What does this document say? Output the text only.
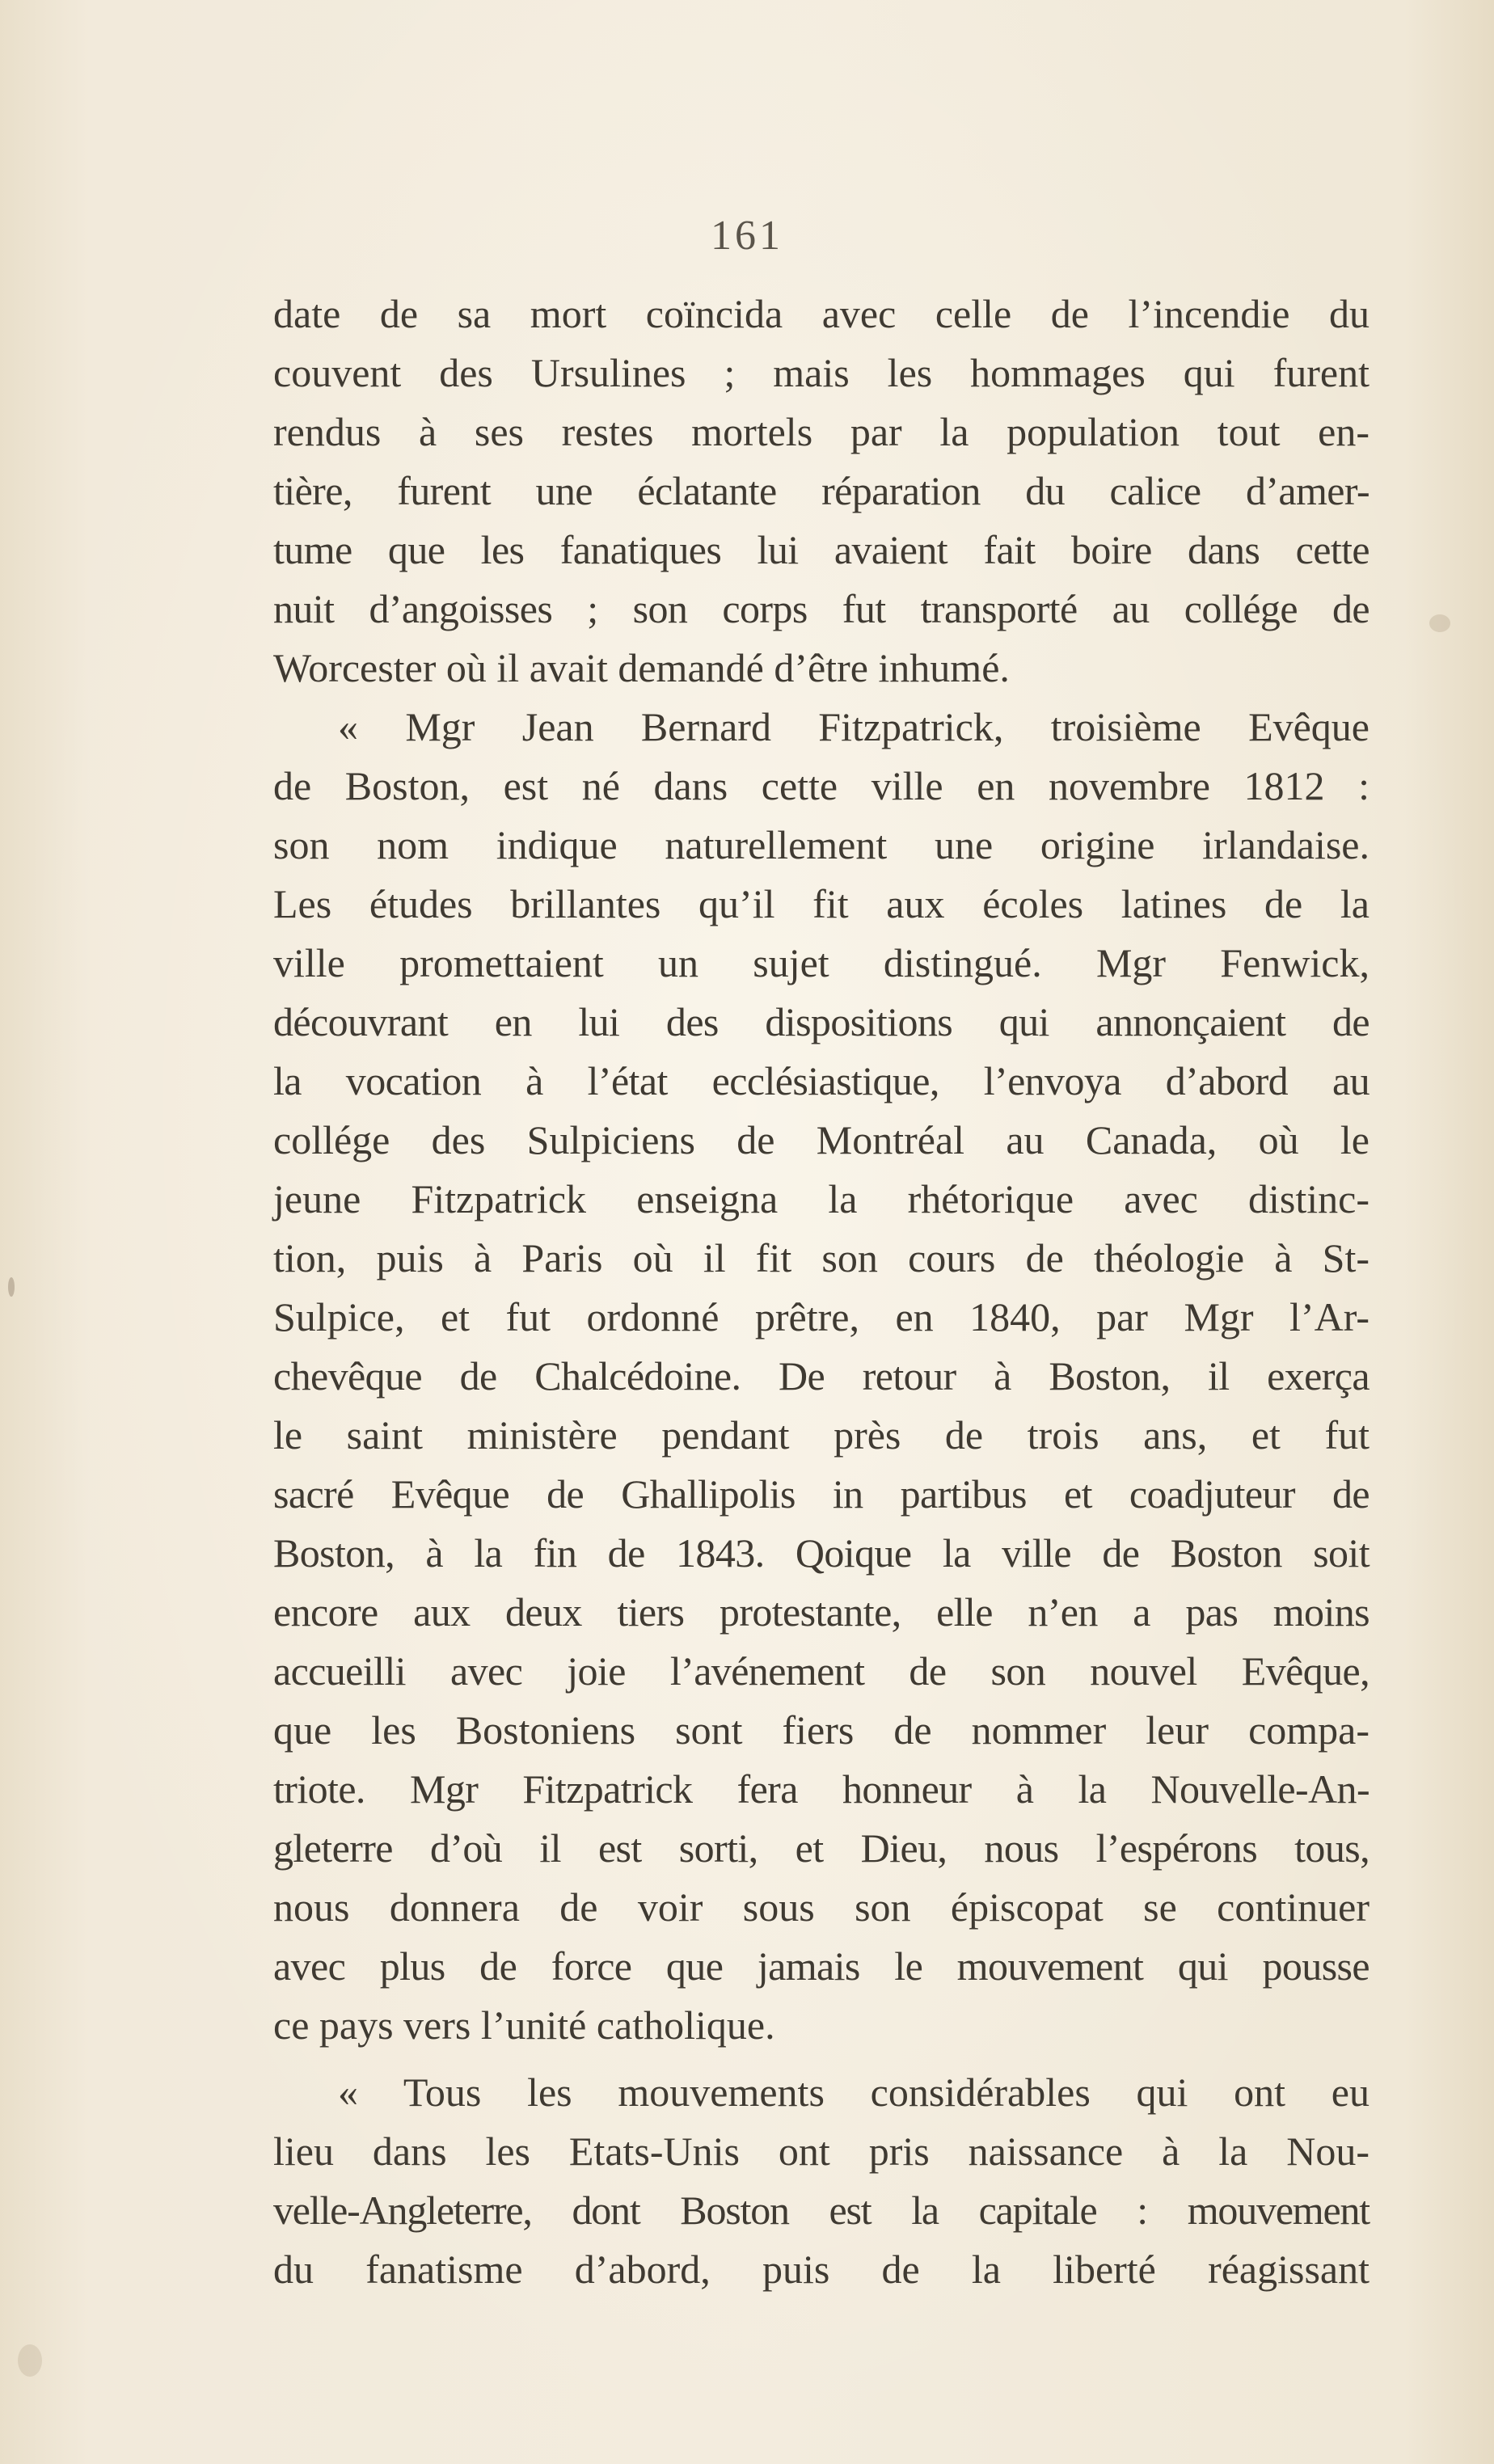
161
date de sa mort coïncida avec celle de l’incendie du
couvent des Ursulines ; mais les hommages qui furent
rendus à ses restes mortels par la population tout en-
tière, furent une éclatante réparation du calice d’amer-
tume que les fanatiques lui avaient fait boire dans cette
nuit d’angoisses ; son corps fut transporté au collége de
Worcester où il avait demandé d’être inhumé.
« Mgr Jean Bernard Fitzpatrick, troisième Evêque
de Boston, est né dans cette ville en novembre 1812 :
son nom indique naturellement une origine irlandaise.
Les études brillantes qu’il fit aux écoles latines de la
ville promettaient un sujet distingué. Mgr Fenwick,
découvrant en lui des dispositions qui annonçaient de
la vocation à l’état ecclésiastique, l’envoya d’abord au
collége des Sulpiciens de Montréal au Canada, où le
jeune Fitzpatrick enseigna la rhétorique avec distinc-
tion, puis à Paris où il fit son cours de théologie à St-
Sulpice, et fut ordonné prêtre, en 1840, par Mgr l’Ar-
chevêque de Chalcédoine. De retour à Boston, il exerça
le saint ministère pendant près de trois ans, et fut
sacré Evêque de Ghallipolis in partibus et coadjuteur de
Boston, à la fin de 1843. Qoique la ville de Boston soit
encore aux deux tiers protestante, elle n’en a pas moins
accueilli avec joie l’avénement de son nouvel Evêque,
que les Bostoniens sont fiers de nommer leur compa-
triote. Mgr Fitzpatrick fera honneur à la Nouvelle-An-
gleterre d’où il est sorti, et Dieu, nous l’espérons tous,
nous donnera de voir sous son épiscopat se continuer
avec plus de force que jamais le mouvement qui pousse
ce pays vers l’unité catholique.
« Tous les mouvements considérables qui ont eu
lieu dans les Etats-Unis ont pris naissance à la Nou-
velle-Angleterre, dont Boston est la capitale : mouvement
du fanatisme d’abord, puis de la liberté réagissant
